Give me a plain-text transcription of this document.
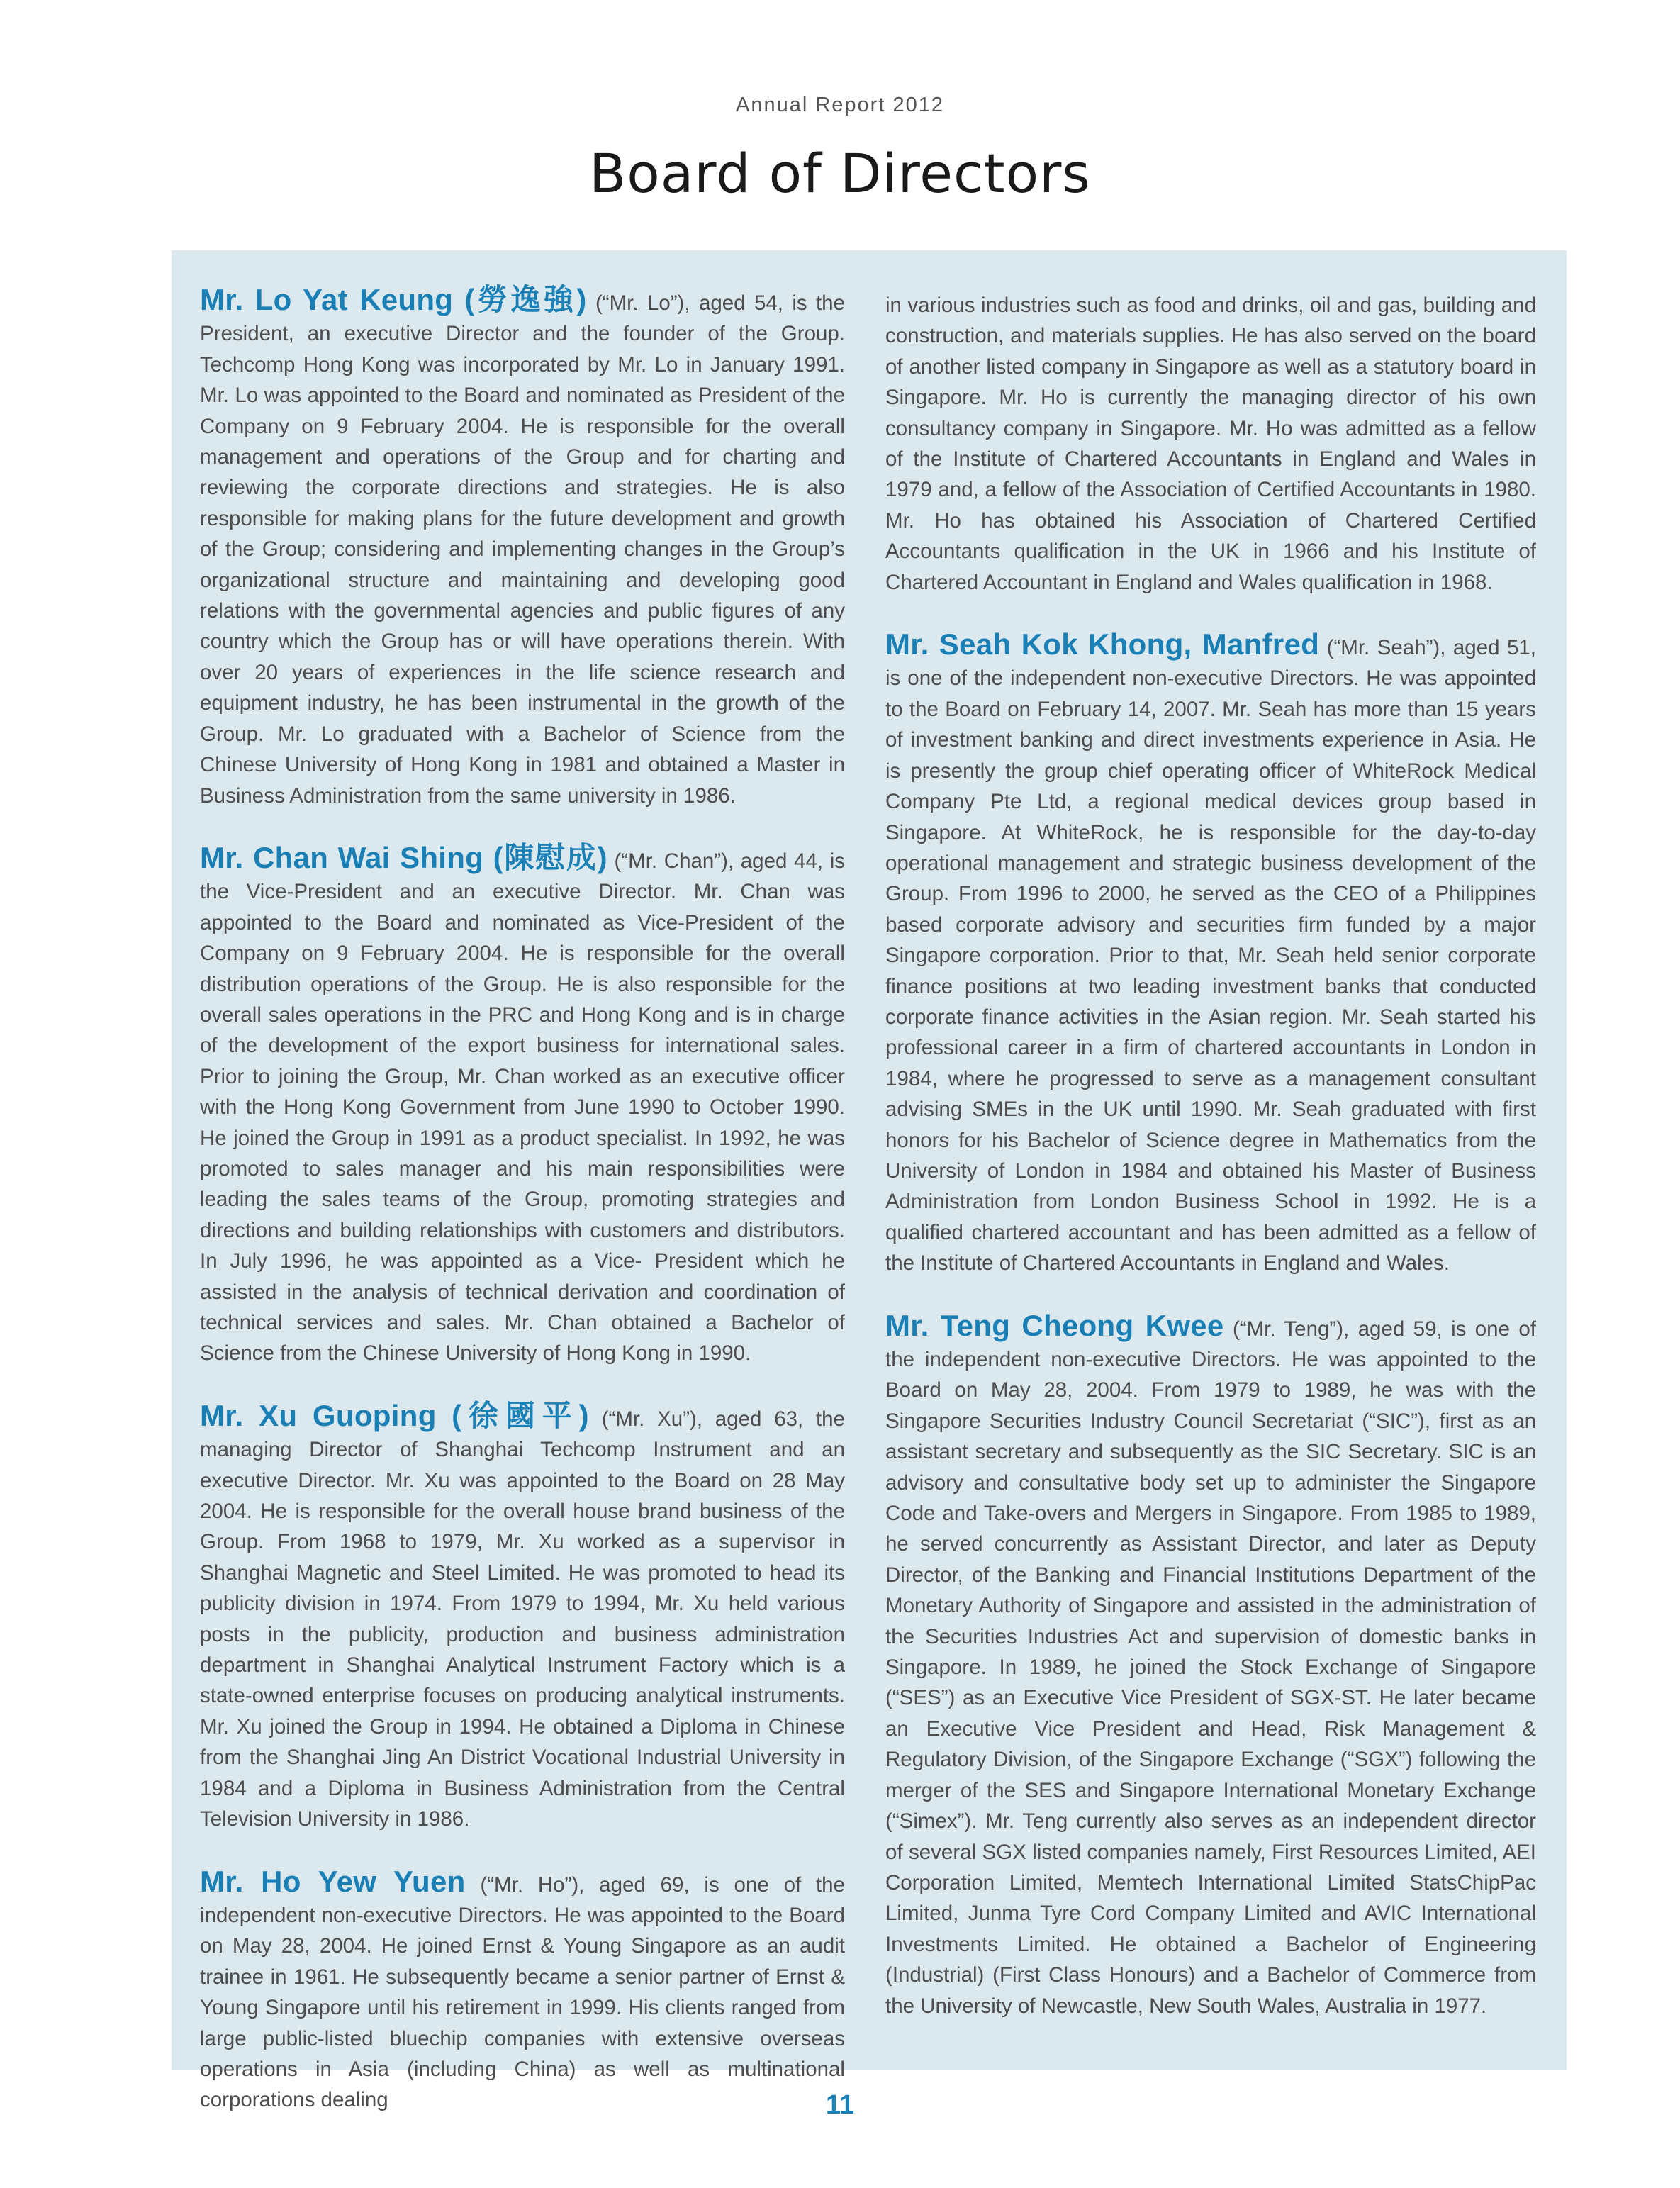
Annual Report 2012
Board of Directors

Mr. Lo Yat Keung (勞逸強) (“Mr. Lo”), aged 54, is the President, an executive Director and the founder of the Group. Techcomp Hong Kong was incorporated by Mr. Lo in January 1991. Mr. Lo was appointed to the Board and nominated as President of the Company on 9 February 2004. He is responsible for the overall management and operations of the Group and for charting and reviewing the corporate directions and strategies. He is also responsible for making plans for the future development and growth of the Group; considering and implementing changes in the Group’s organizational structure and maintaining and developing good relations with the governmental agencies and public figures of any country which the Group has or will have operations therein. With over 20 years of experiences in the life science research and equipment industry, he has been instrumental in the growth of the Group. Mr. Lo graduated with a Bachelor of Science from the Chinese University of Hong Kong in 1981 and obtained a Master in Business Administration from the same university in 1986.

Mr. Chan Wai Shing (陳慰成) (“Mr. Chan”), aged 44, is the Vice-President and an executive Director. Mr. Chan was appointed to the Board and nominated as Vice-President of the Company on 9 February 2004. He is responsible for the overall distribution operations of the Group. He is also responsible for the overall sales operations in the PRC and Hong Kong and is in charge of the development of the export business for international sales. Prior to joining the Group, Mr. Chan worked as an executive officer with the Hong Kong Government from June 1990 to October 1990. He joined the Group in 1991 as a product specialist. In 1992, he was promoted to sales manager and his main responsibilities were leading the sales teams of the Group, promoting strategies and directions and building relationships with customers and distributors. In July 1996, he was appointed as a Vice- President which he assisted in the analysis of technical derivation and coordination of technical services and sales. Mr. Chan obtained a Bachelor of Science from the Chinese University of Hong Kong in 1990.

Mr. Xu Guoping (徐國平) (“Mr. Xu”), aged 63, the managing Director of Shanghai Techcomp Instrument and an executive Director. Mr. Xu was appointed to the Board on 28 May 2004. He is responsible for the overall house brand business of the Group. From 1968 to 1979, Mr. Xu worked as a supervisor in Shanghai Magnetic and Steel Limited. He was promoted to head its publicity division in 1974. From 1979 to 1994, Mr. Xu held various posts in the publicity, production and business administration department in Shanghai Analytical Instrument Factory which is a state-owned enterprise focuses on producing analytical instruments. Mr. Xu joined the Group in 1994. He obtained a Diploma in Chinese from the Shanghai Jing An District Vocational Industrial University in 1984 and a Diploma in Business Administration from the Central Television University in 1986.

Mr. Ho Yew Yuen (“Mr. Ho”), aged 69, is one of the independent non-executive Directors. He was appointed to the Board on May 28, 2004. He joined Ernst & Young Singapore as an audit trainee in 1961. He subsequently became a senior partner of Ernst & Young Singapore until his retirement in 1999. His clients ranged from large public-listed bluechip companies with extensive overseas operations in Asia (including China) as well as multinational corporations dealing

in various industries such as food and drinks, oil and gas, building and construction, and materials supplies. He has also served on the board of another listed company in Singapore as well as a statutory board in Singapore. Mr. Ho is currently the managing director of his own consultancy company in Singapore. Mr. Ho was admitted as a fellow of the Institute of Chartered Accountants in England and Wales in 1979 and, a fellow of the Association of Certified Accountants in 1980. Mr. Ho has obtained his Association of Chartered Certified Accountants qualification in the UK in 1966 and his Institute of Chartered Accountant in England and Wales qualification in 1968.

Mr. Seah Kok Khong, Manfred (“Mr. Seah”), aged 51, is one of the independent non-executive Directors. He was appointed to the Board on February 14, 2007. Mr. Seah has more than 15 years of investment banking and direct investments experience in Asia. He is presently the group chief operating officer of WhiteRock Medical Company Pte Ltd, a regional medical devices group based in Singapore. At WhiteRock, he is responsible for the day-to-day operational management and strategic business development of the Group. From 1996 to 2000, he served as the CEO of a Philippines based corporate advisory and securities firm funded by a major Singapore corporation. Prior to that, Mr. Seah held senior corporate finance positions at two leading investment banks that conducted corporate finance activities in the Asian region. Mr. Seah started his professional career in a firm of chartered accountants in London in 1984, where he progressed to serve as a management consultant advising SMEs in the UK until 1990. Mr. Seah graduated with first honors for his Bachelor of Science degree in Mathematics from the University of London in 1984 and obtained his Master of Business Administration from London Business School in 1992. He is a qualified chartered accountant and has been admitted as a fellow of the Institute of Chartered Accountants in England and Wales.

Mr. Teng Cheong Kwee (“Mr. Teng”), aged 59, is one of the independent non-executive Directors. He was appointed to the Board on May 28, 2004. From 1979 to 1989, he was with the Singapore Securities Industry Council Secretariat (“SIC”), first as an assistant secretary and subsequently as the SIC Secretary. SIC is an advisory and consultative body set up to administer the Singapore Code and Take-overs and Mergers in Singapore. From 1985 to 1989, he served concurrently as Assistant Director, and later as Deputy Director, of the Banking and Financial Institutions Department of the Monetary Authority of Singapore and assisted in the administration of the Securities Industries Act and supervision of domestic banks in Singapore. In 1989, he joined the Stock Exchange of Singapore (“SES”) as an Executive Vice President of SGX-ST. He later became an Executive Vice President and Head, Risk Management & Regulatory Division, of the Singapore Exchange (“SGX”) following the merger of the SES and Singapore International Monetary Exchange (“Simex”). Mr. Teng currently also serves as an independent director of several SGX listed companies namely, First Resources Limited, AEI Corporation Limited, Memtech International Limited StatsChipPac Limited, Junma Tyre Cord Company Limited and AVIC International Investments Limited. He obtained a Bachelor of Engineering (Industrial) (First Class Honours) and a Bachelor of Commerce from the University of Newcastle, New South Wales, Australia in 1977.

11
